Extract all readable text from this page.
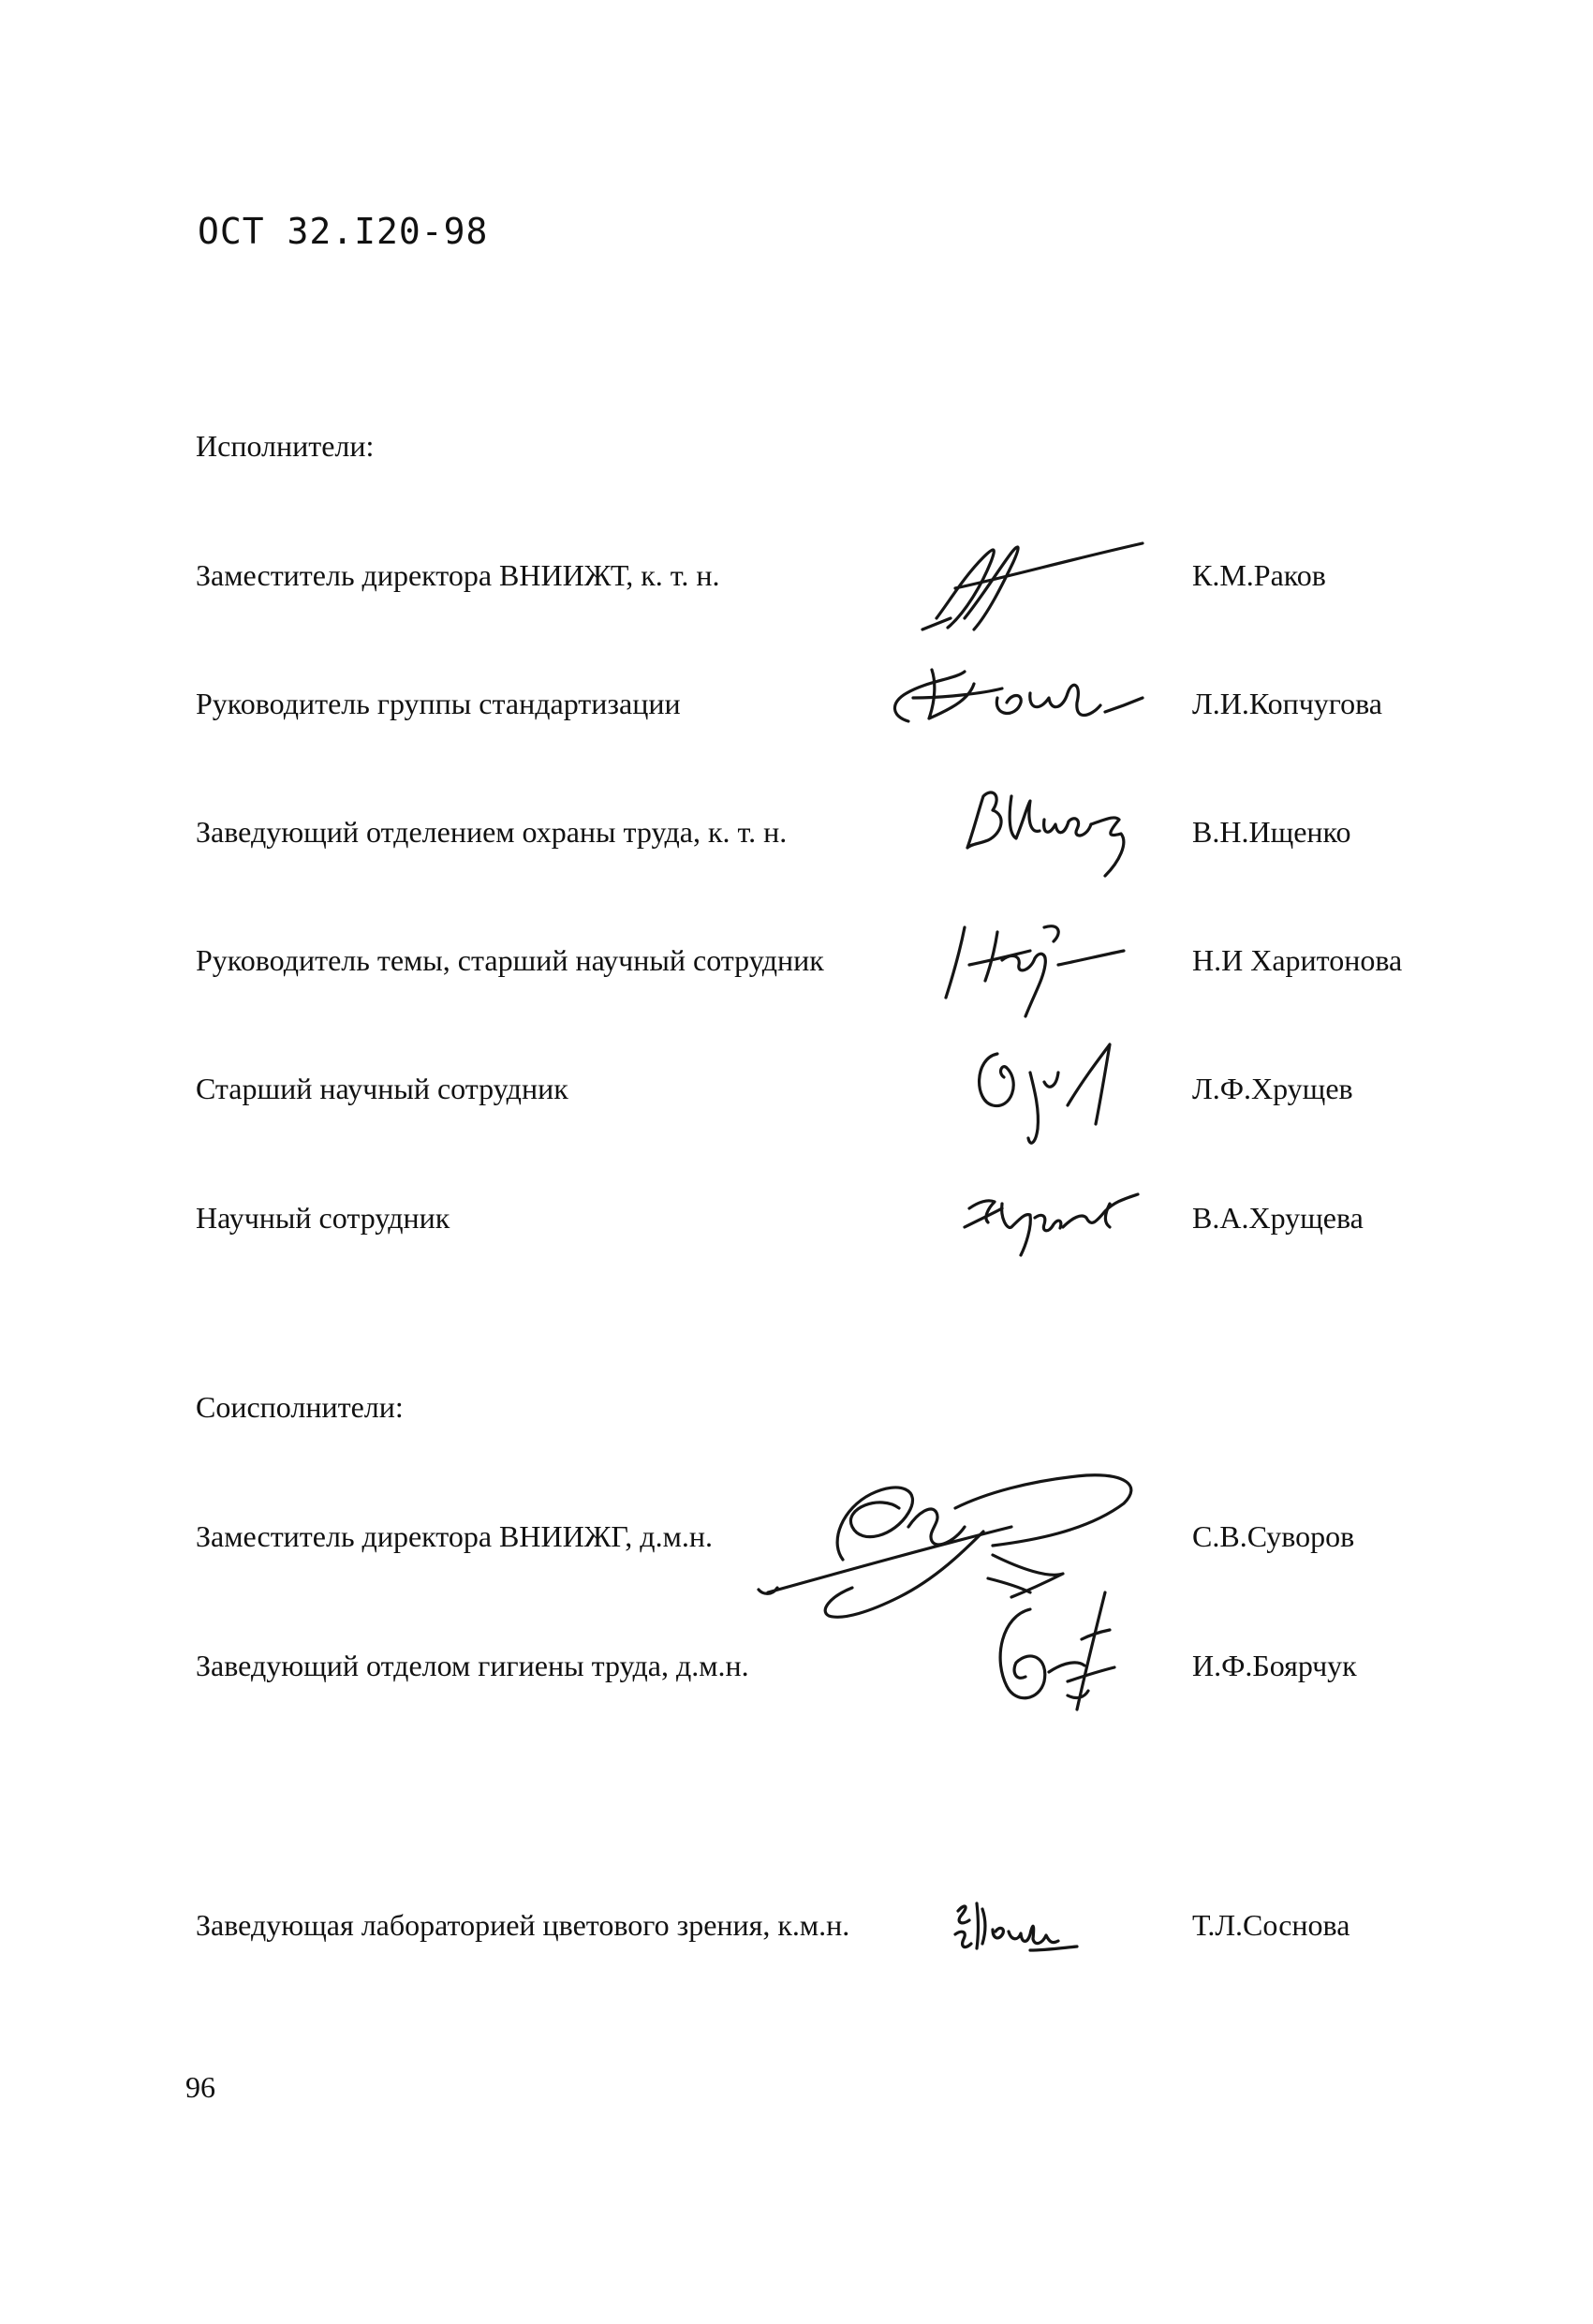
ОСТ 32.I20-98
Исполнители:
Заместитель директора ВНИИЖТ, к. т. н.	К.М.Раков
Руководитель группы стандартизации	Л.И.Копчугова
Заведующий отделением охраны труда, к. т. н.	В.Н.Ищенко
Руководитель темы, старший научный сотрудник	Н.И Харитонова
Старший научный сотрудник	Л.Ф.Хрущев
Научный сотрудник	В.А.Хрущева
Соисполнители:
Заместитель директора ВНИИЖГ, д.м.н.	С.В.Суворов
Заведующий отделом гигиены труда, д.м.н.	И.Ф.Боярчук
Заведующая лабораторией цветового зрения, к.м.н.	Т.Л.Соснова
96
